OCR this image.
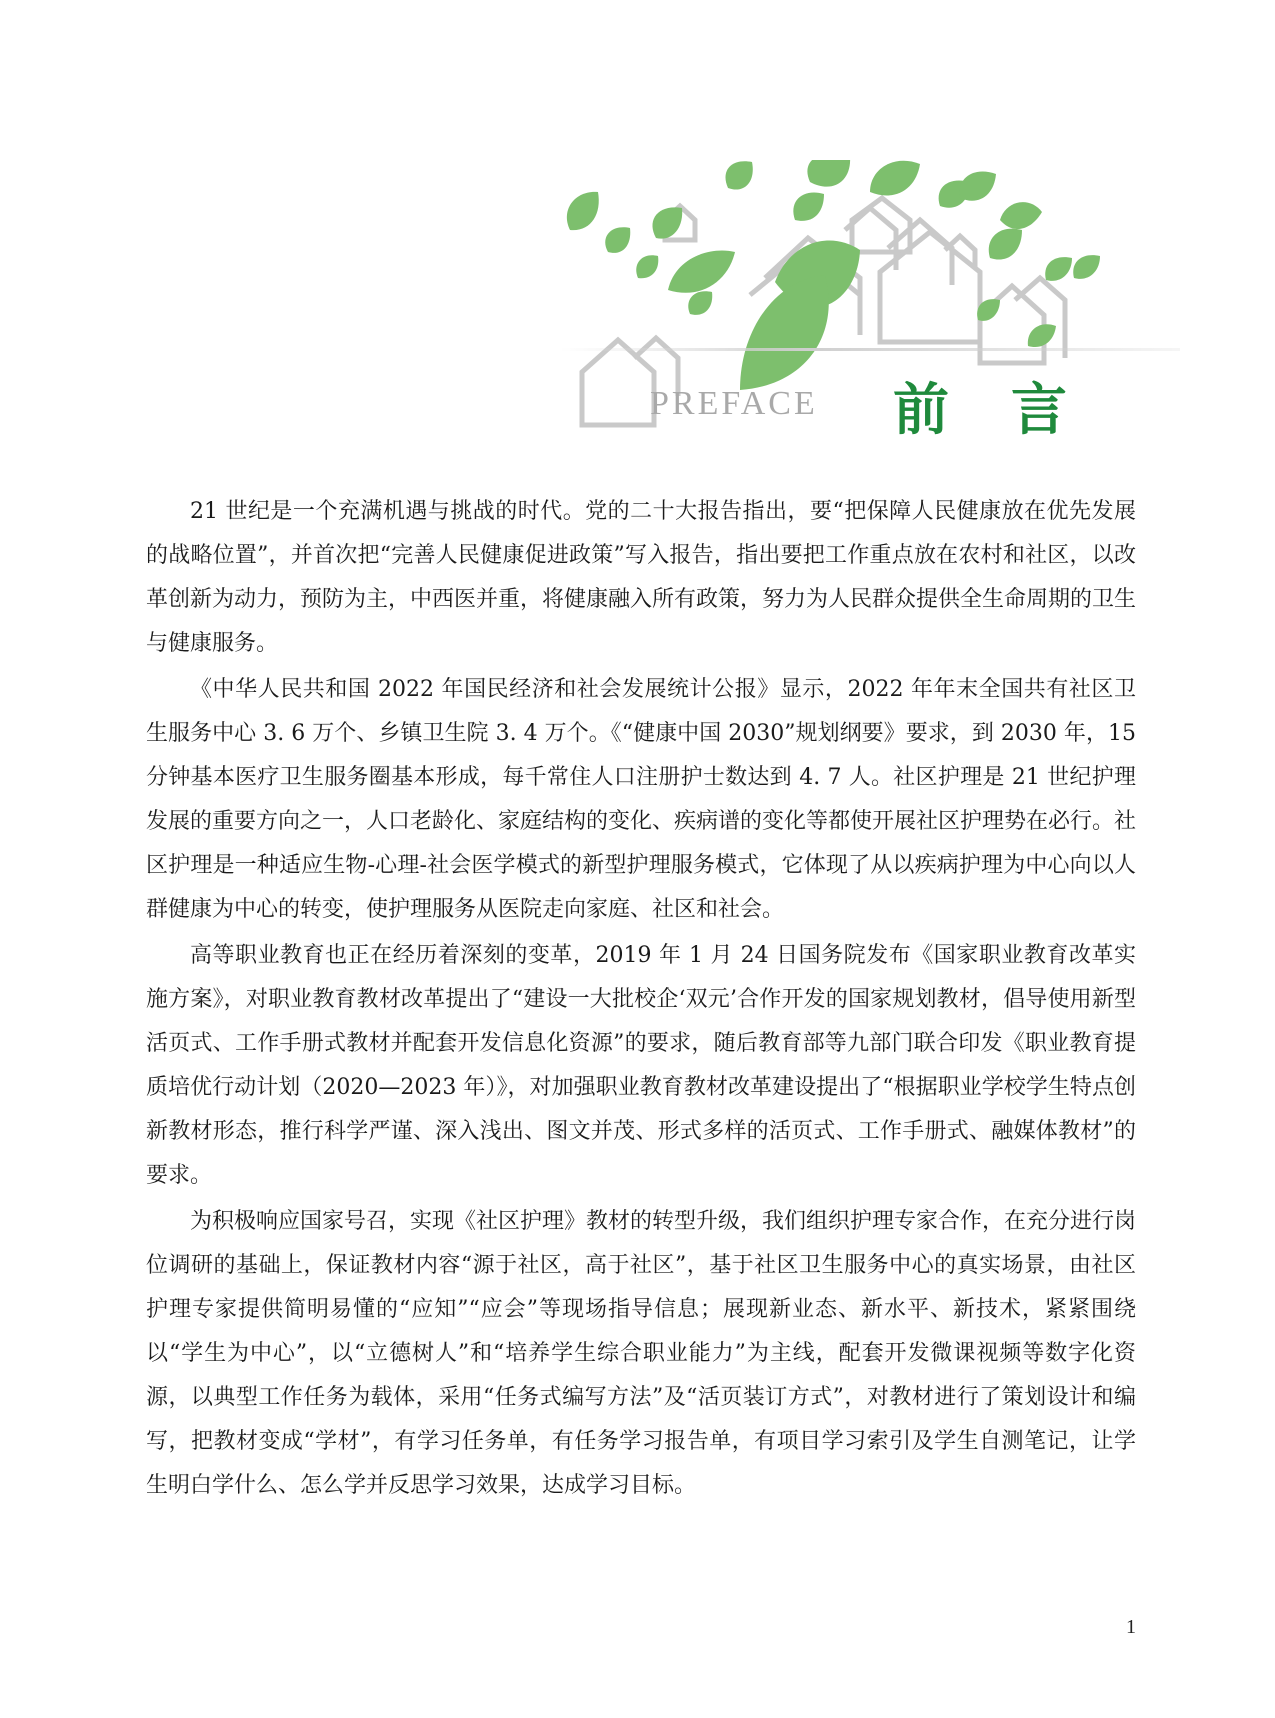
PREFACE 前言

21 世纪是一个充满机遇与挑战的时代。党的二十大报告指出，要“把保障人民健康放在优先发展的战略位置”，并首次把“完善人民健康促进政策”写入报告，指出要把工作重点放在农村和社区，以改革创新为动力，预防为主，中西医并重，将健康融入所有政策，努力为人民群众提供全生命周期的卫生与健康服务。

《中华人民共和国 2022 年国民经济和社会发展统计公报》显示，2022 年年末全国共有社区卫生服务中心 3. 6 万个、乡镇卫生院 3. 4 万个。《“健康中国 2030”规划纲要》要求，到 2030 年，15 分钟基本医疗卫生服务圈基本形成，每千常住人口注册护士数达到 4. 7 人。社区护理是 21 世纪护理发展的重要方向之一，人口老龄化、家庭结构的变化、疾病谱的变化等都使开展社区护理势在必行。社区护理是一种适应生物-心理-社会医学模式的新型护理服务模式，它体现了从以疾病护理为中心向以人群健康为中心的转变，使护理服务从医院走向家庭、社区和社会。

高等职业教育也正在经历着深刻的变革，2019 年 1 月 24 日国务院发布《国家职业教育改革实施方案》，对职业教育教材改革提出了“建设一大批校企‘双元’合作开发的国家规划教材，倡导使用新型活页式、工作手册式教材并配套开发信息化资源”的要求，随后教育部等九部门联合印发《职业教育提质培优行动计划（2020—2023 年）》，对加强职业教育教材改革建设提出了“根据职业学校学生特点创新教材形态，推行科学严谨、深入浅出、图文并茂、形式多样的活页式、工作手册式、融媒体教材”的要求。

为积极响应国家号召，实现《社区护理》教材的转型升级，我们组织护理专家合作，在充分进行岗位调研的基础上，保证教材内容“源于社区，高于社区”，基于社区卫生服务中心的真实场景，由社区护理专家提供简明易懂的“应知”“应会”等现场指导信息；展现新业态、新水平、新技术，紧紧围绕以“学生为中心”，以“立德树人”和“培养学生综合职业能力”为主线，配套开发微课视频等数字化资源，以典型工作任务为载体，采用“任务式编写方法”及“活页装订方式”，对教材进行了策划设计和编写，把教材变成“学材”，有学习任务单，有任务学习报告单，有项目学习索引及学生自测笔记，让学生明白学什么、怎么学并反思学习效果，达成学习目标。

1
